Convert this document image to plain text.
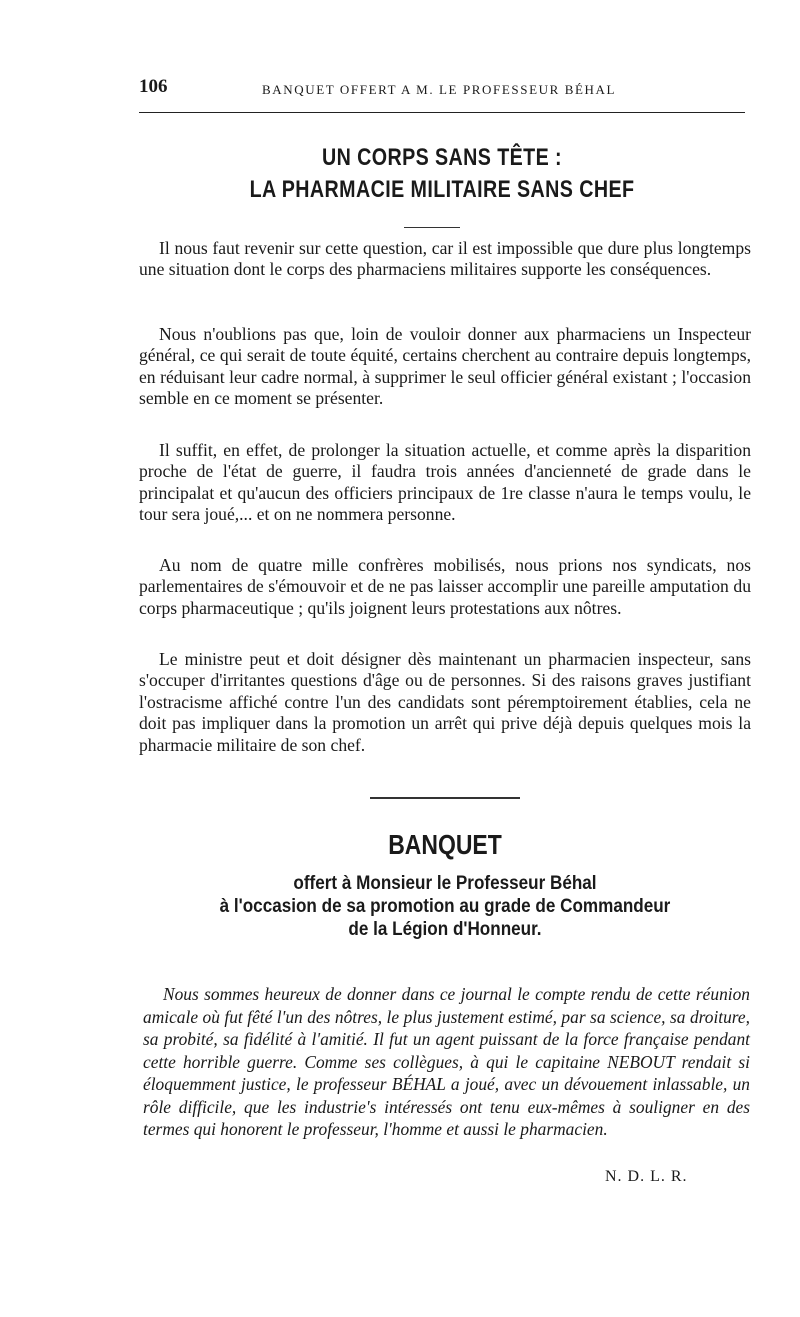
106	BANQUET OFFERT A M. LE PROFESSEUR BÉHAL
UN CORPS SANS TÊTE :
LA PHARMACIE MILITAIRE SANS CHEF

Il nous faut revenir sur cette question, car il est impossible que dure plus longtemps une situation dont le corps des pharmaciens militaires supporte les conséquences.

Nous n'oublions pas que, loin de vouloir donner aux pharmaciens un Inspecteur général, ce qui serait de toute équité, certains cherchent au contraire depuis longtemps, en réduisant leur cadre normal, à supprimer le seul officier général existant ; l'occasion semble en ce moment se présenter.

Il suffit, en effet, de prolonger la situation actuelle, et comme après la disparition proche de l'état de guerre, il faudra trois années d'ancienneté de grade dans le principalat et qu'aucun des officiers principaux de 1re classe n'aura le temps voulu, le tour sera joué,... et on ne nommera personne.

Au nom de quatre mille confrères mobilisés, nous prions nos syndicats, nos parlementaires de s'émouvoir et de ne pas laisser accomplir une pareille amputation du corps pharmaceutique ; qu'ils joignent leurs protestations aux nôtres.

Le ministre peut et doit désigner dès maintenant un pharmacien inspecteur, sans s'occuper d'irritantes questions d'âge ou de personnes. Si des raisons graves justifiant l'ostracisme affiché contre l'un des candidats sont péremptoirement établies, cela ne doit pas impliquer dans la promotion un arrêt qui prive déjà depuis quelques mois la pharmacie militaire de son chef.

BANQUET
offert à Monsieur le Professeur Béhal
à l'occasion de sa promotion au grade de Commandeur
de la Légion d'Honneur.

Nous sommes heureux de donner dans ce journal le compte rendu de cette réunion amicale où fut fêté l'un des nôtres, le plus justement estimé, par sa science, sa droiture, sa probité, sa fidélité à l'amitié. Il fut un agent puissant de la force française pendant cette horrible guerre. Comme ses collègues, à qui le capitaine NEBOUT rendait si éloquemment justice, le professeur BÉHAL a joué, avec un dévouement inlassable, un rôle difficile, que les industrie's intéressés ont tenu eux-mêmes à souligner en des termes qui honorent le professeur, l'homme et aussi le pharmacien.

N. D. L. R.
